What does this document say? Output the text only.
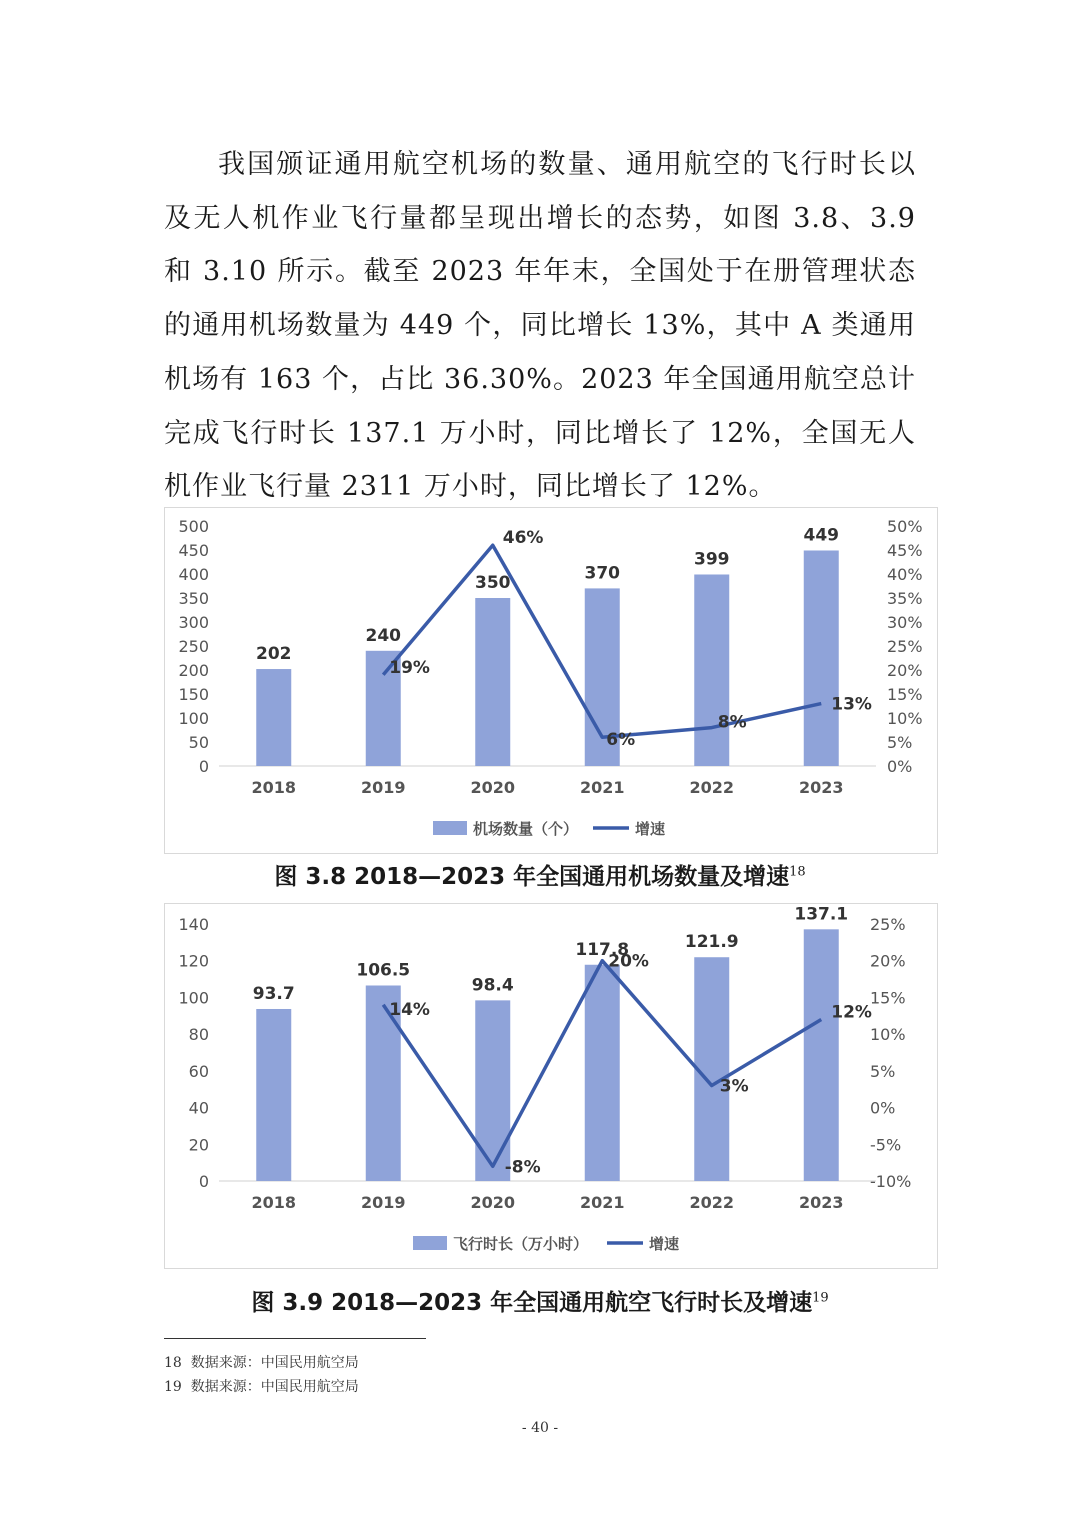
我国颁证通用航空机场的数量、通用航空的飞行时长以及无人机作业飞行量都呈现出增长的态势，如图 3.8、3.9 和 3.10 所示。截至 2023 年年末，全国处于在册管理状态的通用机场数量为 449 个，同比增长 13%，其中 A 类通用机场有 163 个，占比 36.30%。2023 年全国通用航空总计完成飞行时长 137.1 万小时，同比增长了 12%，全国无人机作业飞行量 2311 万小时，同比增长了 12%。

0
50
100
150
200
250
300
350
400
450
500
0%
5%
10%
15%
20%
25%
30%
35%
40%
45%
50%
202
2018
240
2019
350
2020
370
2021
399
2022
449
2023
19%
46%
6%
8%
13%
机场数量（个）	增速
图 3.8 2018—2023 年全国通用机场数量及增速$^{18}$
0
20
40
60
80
100
120
140
-10%
-5%
0%
5%
10%
15%
20%
25%
93.7
2018
106.5
2019
98.4
2020
117.8
2021
121.9
2022
137.1
2023
14%
-8%
20%
3%
12%
飞行时长（万小时）	增速
图 3.9 2018—2023 年全国通用航空飞行时长及增速$^{19}$
18 数据来源：中国民用航空局
19 数据来源：中国民用航空局
- 40 -
